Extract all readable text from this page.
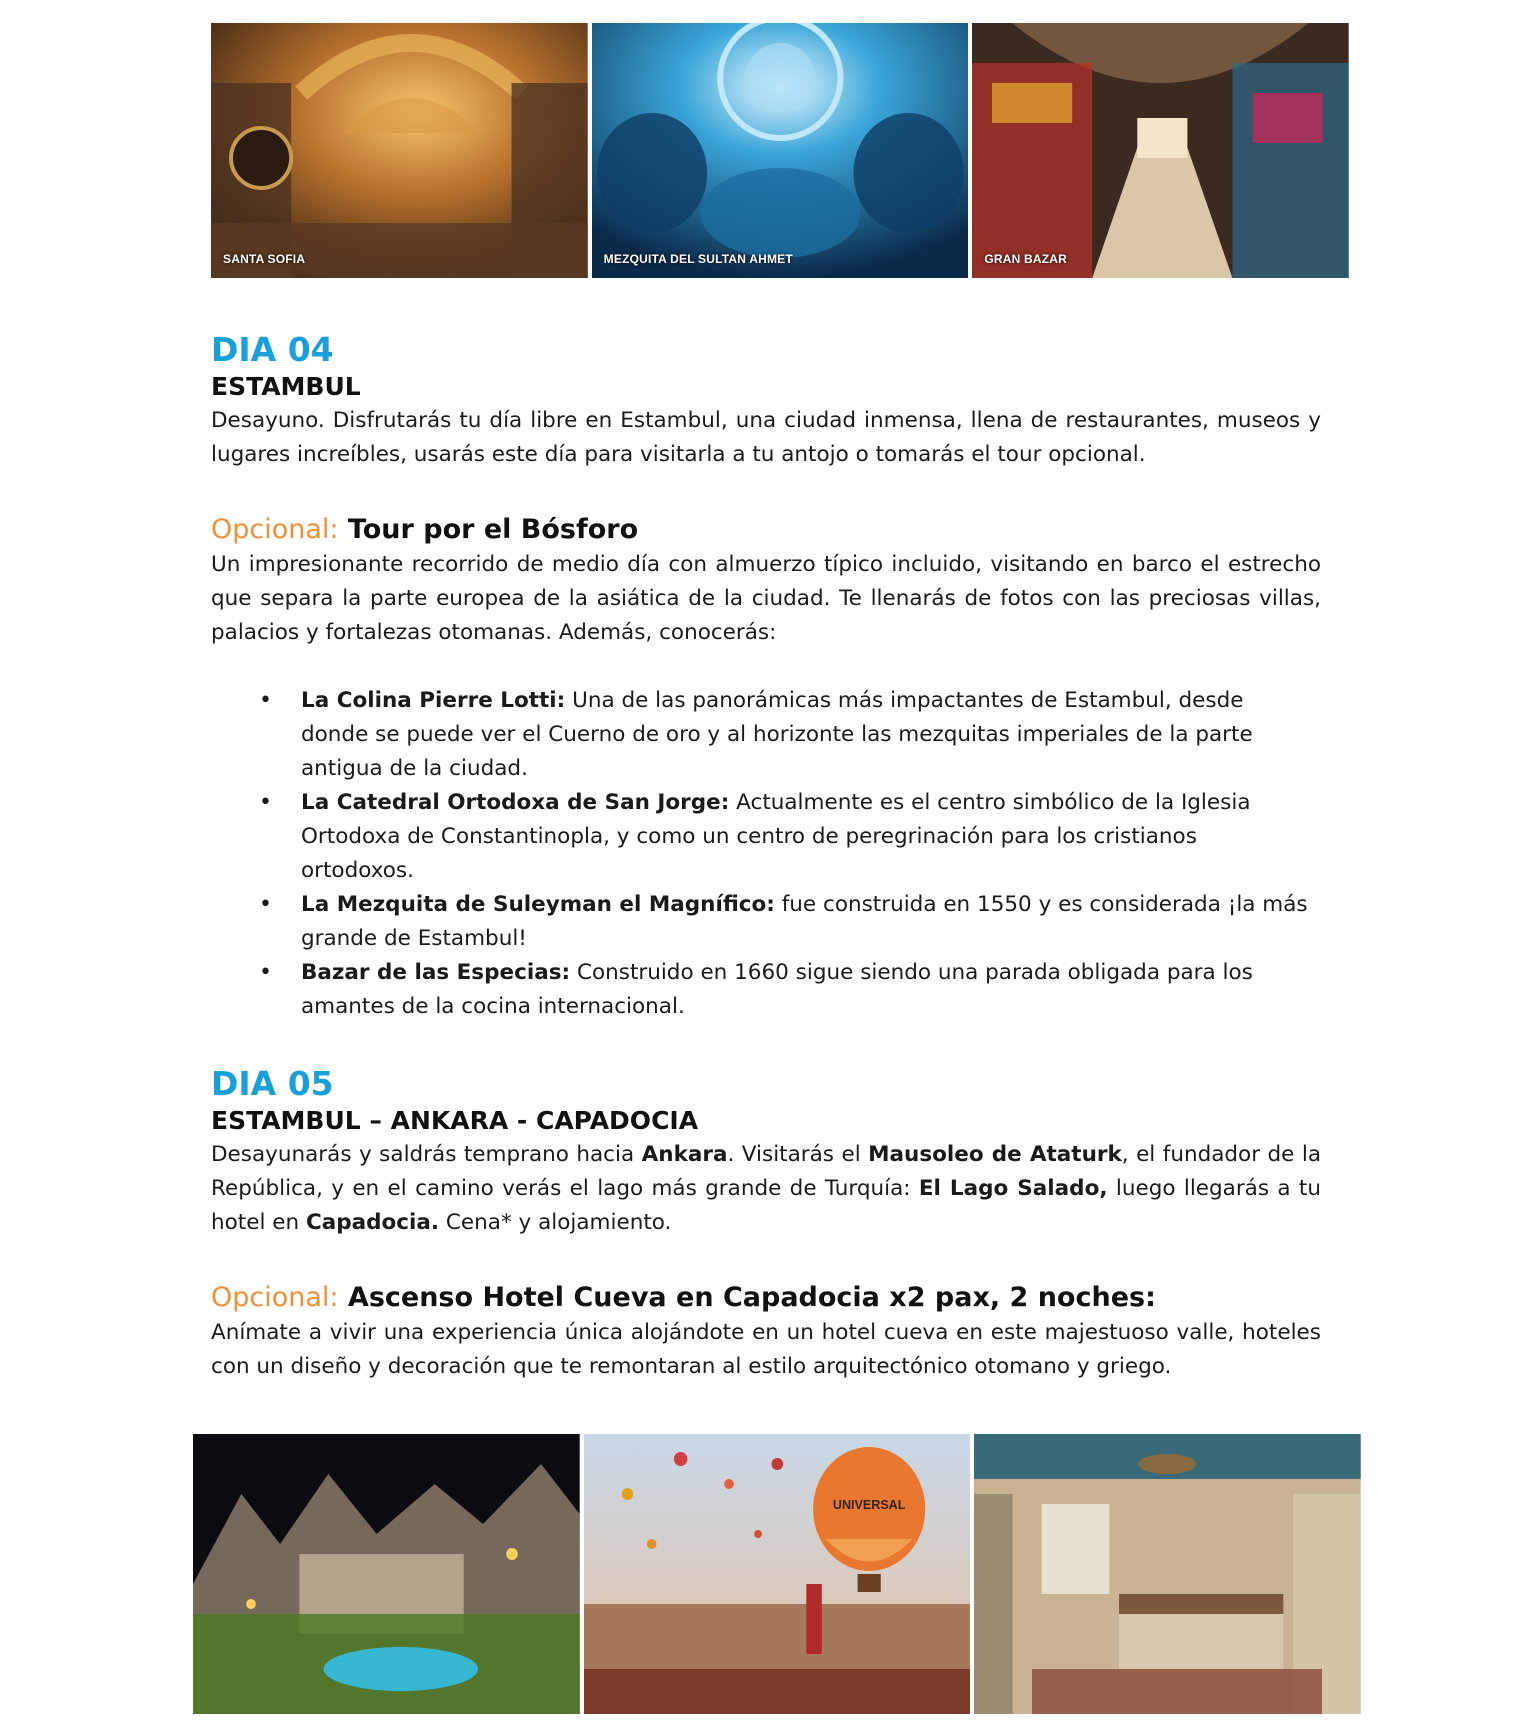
SANTA SOFIA	MEZQUITA DEL SULTAN AHMET	GRAN BAZAR
DIA 04
ESTAMBUL

Desayuno. Disfrutarás tu día libre en Estambul, una ciudad inmensa, llena de restaurantes, museos y lugares increíbles, usarás este día para visitarla a tu antojo o tomarás el tour opcional.

Opcional: Tour por el Bósforo

Un impresionante recorrido de medio día con almuerzo típico incluido, visitando en barco el estrecho que separa la parte europea de la asiática de la ciudad. Te llenarás de fotos con las preciosas villas, palacios y fortalezas otomanas. Además, conocerás:

• La Colina Pierre Lotti: Una de las panorámicas más impactantes de Estambul, desde donde se puede ver el Cuerno de oro y al horizonte las mezquitas imperiales de la parte antigua de la ciudad.
• La Catedral Ortodoxa de San Jorge: Actualmente es el centro simbólico de la Iglesia Ortodoxa de Constantinopla, y como un centro de peregrinación para los cristianos ortodoxos.
• La Mezquita de Suleyman el Magnífico: fue construida en 1550 y es considerada ¡la más grande de Estambul!
• Bazar de las Especias: Construido en 1660 sigue siendo una parada obligada para los amantes de la cocina internacional.
DIA 05
ESTAMBUL – ANKARA - CAPADOCIA

Desayunarás y saldrás temprano hacia Ankara. Visitarás el Mausoleo de Ataturk, el fundador de la República, y en el camino verás el lago más grande de Turquía: El Lago Salado, luego llegarás a tu hotel en Capadocia. Cena* y alojamiento.

Opcional: Ascenso Hotel Cueva en Capadocia x2 pax, 2 noches:

Anímate a vivir una experiencia única alojándote en un hotel cueva en este majestuoso valle, hoteles con un diseño y decoración que te remontaran al estilo arquitectónico otomano y griego.

UNIVERSAL
